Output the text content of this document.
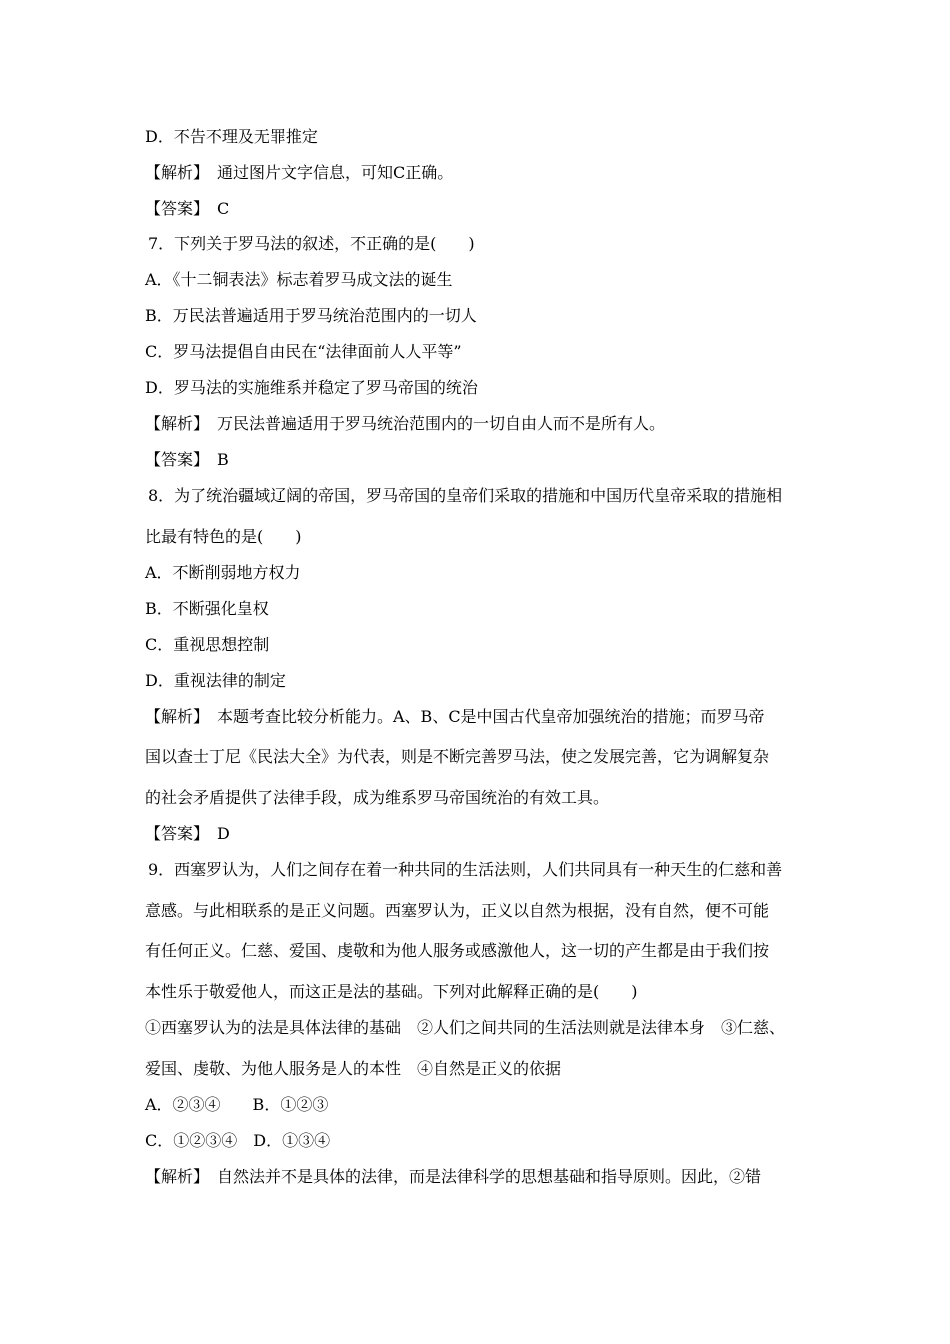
D．不告不理及无罪推定
【解析】　通过图片文字信息，可知C正确。
【答案】　C
7．下列关于罗马法的叙述，不正确的是(　　)
A．《十二铜表法》标志着罗马成文法的诞生
B．万民法普遍适用于罗马统治范围内的一切人
C．罗马法提倡自由民在“法律面前人人平等”
D．罗马法的实施维系并稳定了罗马帝国的统治
【解析】　万民法普遍适用于罗马统治范围内的一切自由人而不是所有人。
【答案】　B
8．为了统治疆域辽阔的帝国，罗马帝国的皇帝们采取的措施和中国历代皇帝采取的措施相
比最有特色的是(　　)
A．不断削弱地方权力
B．不断强化皇权
C．重视思想控制
D．重视法律的制定
【解析】　本题考查比较分析能力。A、B、C是中国古代皇帝加强统治的措施；而罗马帝
国以查士丁尼《民法大全》为代表，则是不断完善罗马法，使之发展完善，它为调解复杂
的社会矛盾提供了法律手段，成为维系罗马帝国统治的有效工具。
【答案】　D
9．西塞罗认为，人们之间存在着一种共同的生活法则，人们共同具有一种天生的仁慈和善
意感。与此相联系的是正义问题。西塞罗认为，正义以自然为根据，没有自然，便不可能
有任何正义。仁慈、爱国、虔敬和为他人服务或感激他人，这一切的产生都是由于我们按
本性乐于敬爱他人，而这正是法的基础。下列对此解释正确的是(　　)
①西塞罗认为的法是具体法律的基础　②人们之间共同的生活法则就是法律本身　③仁慈、
爱国、虔敬、为他人服务是人的本性　④自然是正义的依据
A．②③④　　B．①②③
C．①②③④　D．①③④
【解析】　自然法并不是具体的法律，而是法律科学的思想基础和指导原则。因此，②错
